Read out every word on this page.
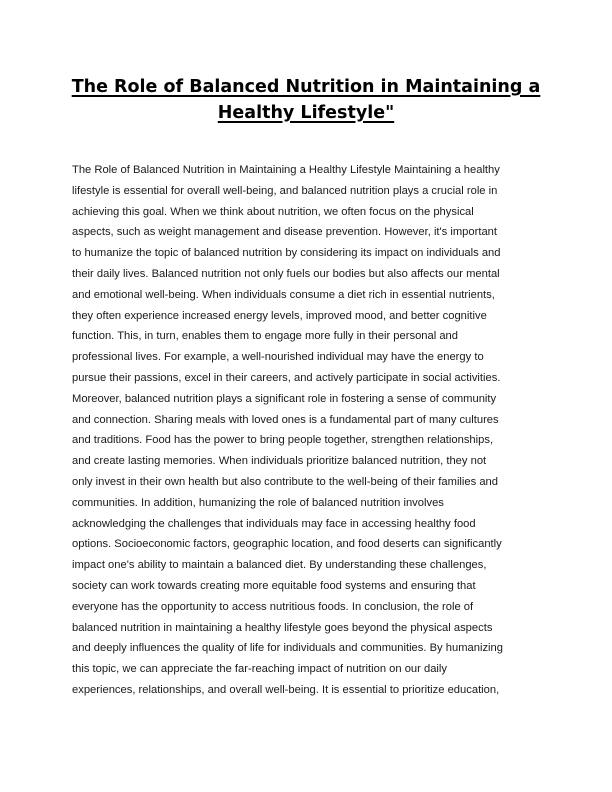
The Role of Balanced Nutrition in Maintaining a
Healthy Lifestyle"
The Role of Balanced Nutrition in Maintaining a Healthy Lifestyle Maintaining a healthy
lifestyle is essential for overall well-being, and balanced nutrition plays a crucial role in
achieving this goal. When we think about nutrition, we often focus on the physical
aspects, such as weight management and disease prevention. However, it's important
to humanize the topic of balanced nutrition by considering its impact on individuals and
their daily lives. Balanced nutrition not only fuels our bodies but also affects our mental
and emotional well-being. When individuals consume a diet rich in essential nutrients,
they often experience increased energy levels, improved mood, and better cognitive
function. This, in turn, enables them to engage more fully in their personal and
professional lives. For example, a well-nourished individual may have the energy to
pursue their passions, excel in their careers, and actively participate in social activities.
Moreover, balanced nutrition plays a significant role in fostering a sense of community
and connection. Sharing meals with loved ones is a fundamental part of many cultures
and traditions. Food has the power to bring people together, strengthen relationships,
and create lasting memories. When individuals prioritize balanced nutrition, they not
only invest in their own health but also contribute to the well-being of their families and
communities. In addition, humanizing the role of balanced nutrition involves
acknowledging the challenges that individuals may face in accessing healthy food
options. Socioeconomic factors, geographic location, and food deserts can significantly
impact one's ability to maintain a balanced diet. By understanding these challenges,
society can work towards creating more equitable food systems and ensuring that
everyone has the opportunity to access nutritious foods. In conclusion, the role of
balanced nutrition in maintaining a healthy lifestyle goes beyond the physical aspects
and deeply influences the quality of life for individuals and communities. By humanizing
this topic, we can appreciate the far-reaching impact of nutrition on our daily
experiences, relationships, and overall well-being. It is essential to prioritize education,
